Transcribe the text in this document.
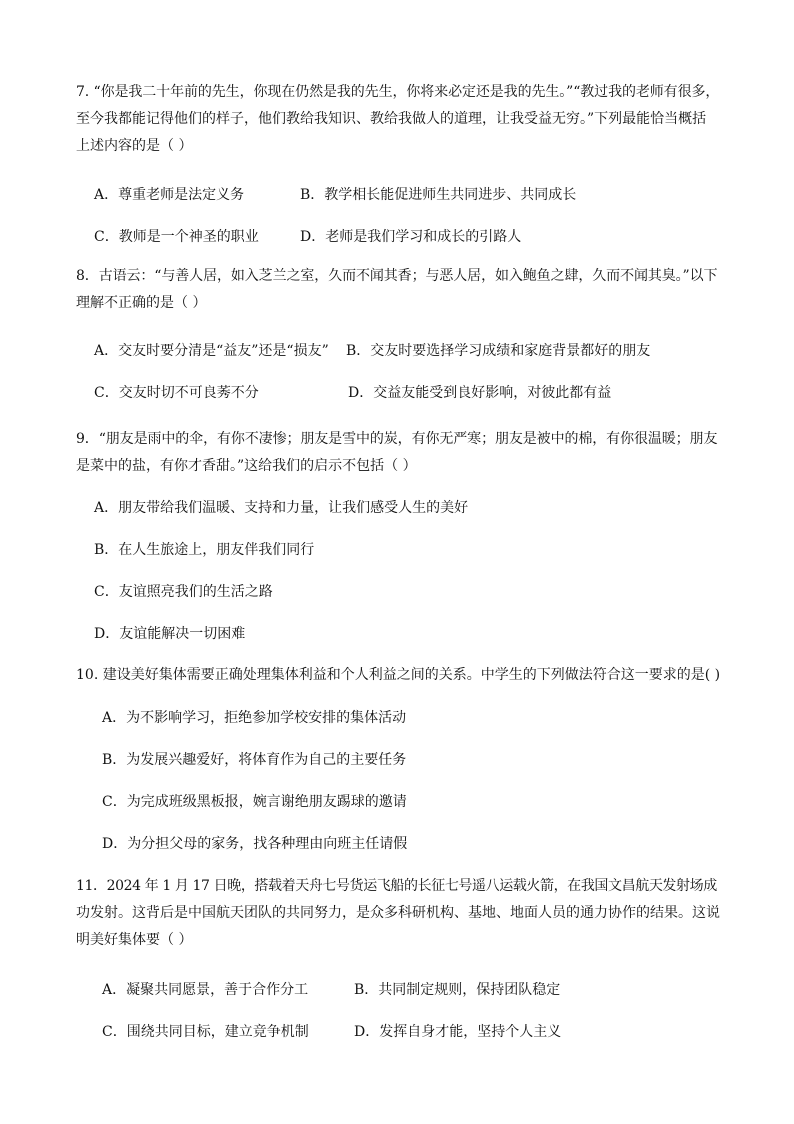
7. “你是我二十年前的先生，你现在仍然是我的先生，你将来必定还是我的先生。”“教过我的老师有很多，
至今我都能记得他们的样子，他们教给我知识、教给我做人的道理，让我受益无穷。”下列最能恰当概括
上述内容的是（ ）
A．尊重老师是法定义务	B．教学相长能促进师生共同进步、共同成长
C．教师是一个神圣的职业	D．老师是我们学习和成长的引路人
8．古语云：“与善人居，如入芝兰之室，久而不闻其香；与恶人居，如入鲍鱼之肆，久而不闻其臭。”以下
理解不正确的是（ ）
A．交友时要分清是“益友”还是“损友” B．交友时要选择学习成绩和家庭背景都好的朋友
C．交友时切不可良莠不分	D．交益友能受到良好影响，对彼此都有益
9．“朋友是雨中的伞，有你不凄惨；朋友是雪中的炭，有你无严寒；朋友是被中的棉，有你很温暖；朋友
是菜中的盐，有你才香甜。”这给我们的启示不包括（ ）
A．朋友带给我们温暖、支持和力量，让我们感受人生的美好
B．在人生旅途上，朋友伴我们同行
C．友谊照亮我们的生活之路
D．友谊能解决一切困难
10. 建设美好集体需要正确处理集体利益和个人利益之间的关系。中学生的下列做法符合这一要求的是( )
A．为不影响学习，拒绝参加学校安排的集体活动
B．为发展兴趣爱好，将体育作为自己的主要任务
C．为完成班级黑板报，婉言谢绝朋友踢球的邀请
D．为分担父母的家务，找各种理由向班主任请假
11．2024 年 1 月 17 日晚，搭载着天舟七号货运飞船的长征七号遥八运载火箭，在我国文昌航天发射场成
功发射。这背后是中国航天团队的共同努力，是众多科研机构、基地、地面人员的通力协作的结果。这说
明美好集体要（ ）
A．凝聚共同愿景，善于合作分工	B．共同制定规则，保持团队稳定
C．围绕共同目标，建立竞争机制	D．发挥自身才能，坚持个人主义
